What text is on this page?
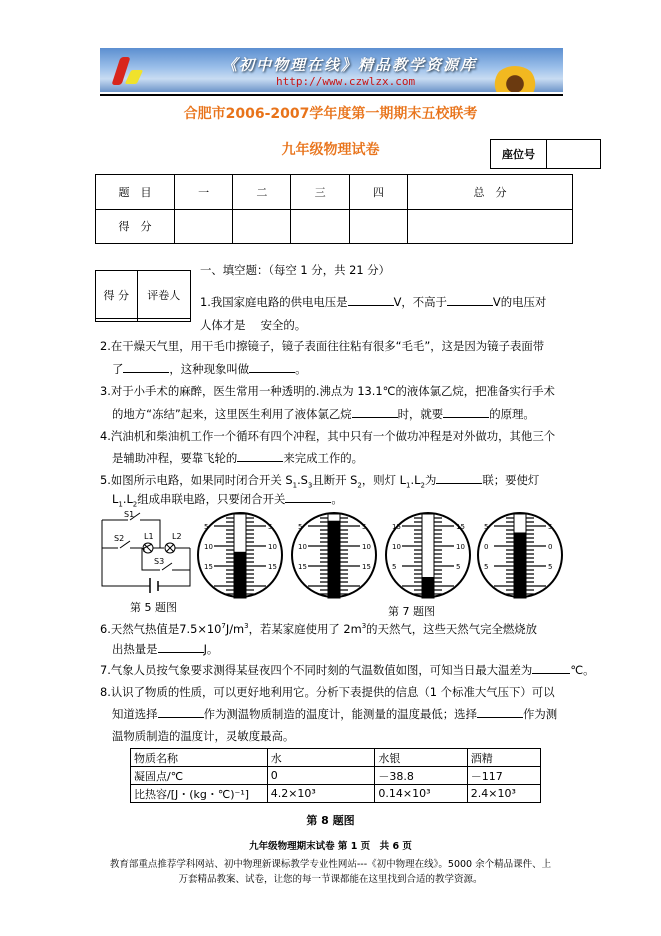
《初中物理在线》精品教学资源库
http://www.czwlzx.com
合肥市2006-2007学年度第一期期末五校联考
九年级物理试卷	座位号	
题　目	一	二	三	四	总　分
得　分					
得 分	评卷人

一、填空题：（每空 1 分，共 21 分）
1.我国家庭电路的供电电压是	V，不高于	V的电压对
人体才是　 安全的。
2.在干燥天气里，用干毛巾擦镜子，镜子表面往往粘有很多“毛毛”，这是因为镜子表面带
了	，这种现象叫做	。
3.对于小手术的麻醉，医生常用一种透明的.沸点为 13.1℃的液体氯乙烷，把准备实行手术
的地方“冻结”起来，这里医生利用了液体氯乙烷	时，就要	的原理。
4.汽油机和柴油机工作一个循环有四个冲程，其中只有一个做功冲程是对外做功，其他三个
是辅助冲程，要靠飞轮的	来完成工作的。
5.如图所示电路，如果同时闭合开关 $S_1.S_3$且断开 $S_2$，则灯 $L_1.L_2$为	联；要使灯
$L_1.L_2$组成串联电路，只要闭合开关	。
6.天然气热值是$7.5\times 10^7J/m^3$，若某家庭使用了 $2m^3$的天然气，这些天然气完全燃烧放
出热量是	J。
7.气象人员按气象要求测得某昼夜四个不同时刻的气温数值如图，可知当日最大温差为	℃。
8.认识了物质的性质，可以更好地利用它。分析下表提供的信息（1 个标准大气压下）可以
知道选择	作为测温物质制造的温度计，能测量的温度最低；选择	作为测
温物质制造的温度计，灵敏度最高。
S1
S2 L1 L2
S3
第 5 题图
5	5
10	10
15	15
5	5
10	10
15	15
15	15
10	10
5	5
5	5
0	0
5	5
第 7 题图
物质名称	水	水银	酒精
凝固点/℃	0	－38.8	－117
比热容/[J・(kg・℃)⁻¹]	4.2×10³	0.14×10³	2.4×10³
第 8 题图
九年级物理期末试卷 第 1 页　共 6 页
教育部重点推荐学科网站、初中物理新课标教学专业性网站---《初中物理在线》。5000 余个精品课件、上
万套精品教案、试卷，让您的每一节课都能在这里找到合适的教学资源。
